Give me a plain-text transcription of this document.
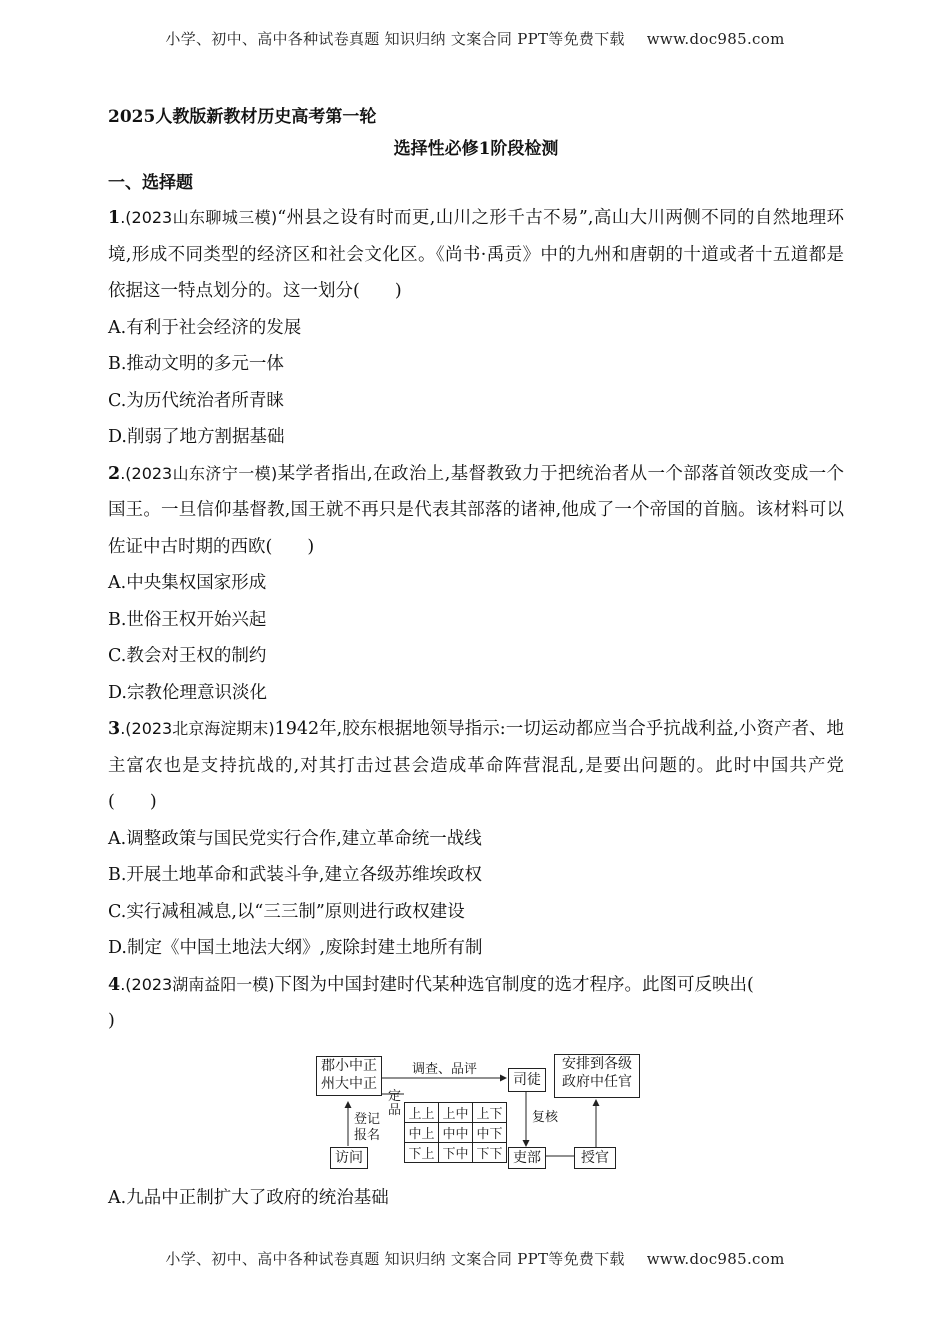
小学、初中、高中各种试卷真题 知识归纳 文案合同 PPT等免费下载 www.doc985.com
2025人教版新教材历史高考第一轮
选择性必修1阶段检测
一、选择题
1.(2023山东聊城三模)“州县之设有时而更,山川之形千古不易”,高山大川两侧不同的自然地理环境,形成不同类型的经济区和社会文化区。《尚书·禹贡》中的九州和唐朝的十道或者十五道都是依据这一特点划分的。这一划分(　　)
A.有利于社会经济的发展
B.推动文明的多元一体
C.为历代统治者所青睐
D.削弱了地方割据基础
2.(2023山东济宁一模)某学者指出,在政治上,基督教致力于把统治者从一个部落首领改变成一个国王。一旦信仰基督教,国王就不再只是代表其部落的诸神,他成了一个帝国的首脑。该材料可以佐证中古时期的西欧(　　)
A.中央集权国家形成
B.世俗王权开始兴起
C.教会对王权的制约
D.宗教伦理意识淡化
3.(2023北京海淀期末)1942年,胶东根据地领导指示:一切运动都应当合乎抗战利益,小资产者、地主富农也是支持抗战的,对其打击过甚会造成革命阵营混乱,是要出问题的。此时中国共产党(　　)
A.调整政策与国民党实行合作,建立革命统一战线
B.开展土地革命和武装斗争,建立各级苏维埃政权
C.实行减租减息,以“三三制”原则进行政权建设
D.制定《中国土地法大纲》,废除封建土地所有制
4.(2023湖南益阳一模)下图为中国封建时代某种选官制度的选才程序。此图可反映出(
)
郡小中正
州大中正
调查、品评
司徒
安排到各级
政府中任官
定
品 上上	上中	上下
中上	中中	中下
下上	下中	下下
复核
登记
报名
访问	吏部	授官
A.九品中正制扩大了政府的统治基础
小学、初中、高中各种试卷真题 知识归纳 文案合同 PPT等免费下载 www.doc985.com
